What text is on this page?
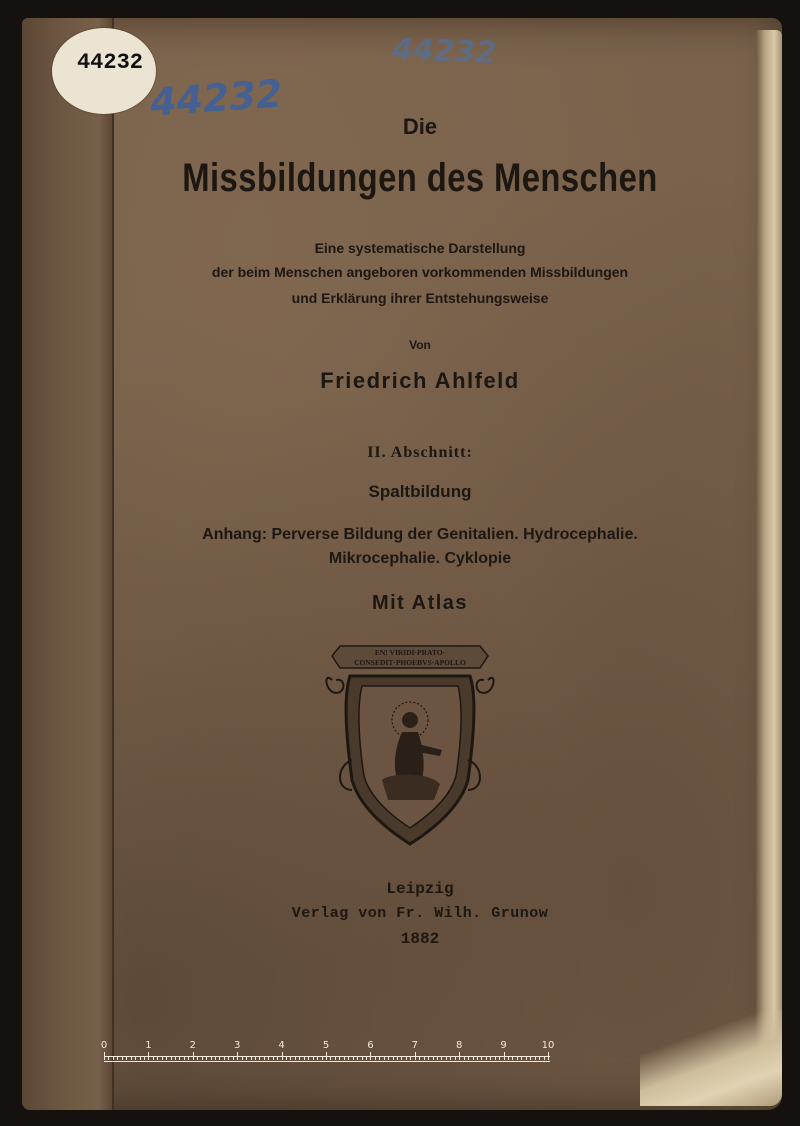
44232
44232
44232
Die
Missbildungen des Menschen
Eine systematische Darstellung
der beim Menschen angeboren vorkommenden Missbildungen
und Erklärung ihrer Entstehungsweise
Von
Friedrich Ahlfeld
II. Abschnitt:
Spaltbildung
Anhang: Perverse Bildung der Genitalien. Hydrocephalie.
Mikrocephalie. Cyklopie
Mit Atlas
EN! VIRIDI·PRATO·
CONSEDIT·PHOEBVS·APOLLO
Leipzig
Verlag von Fr. Wilh. Grunow
1882
0	1	2	3	4	5	6	7	8	9	10
